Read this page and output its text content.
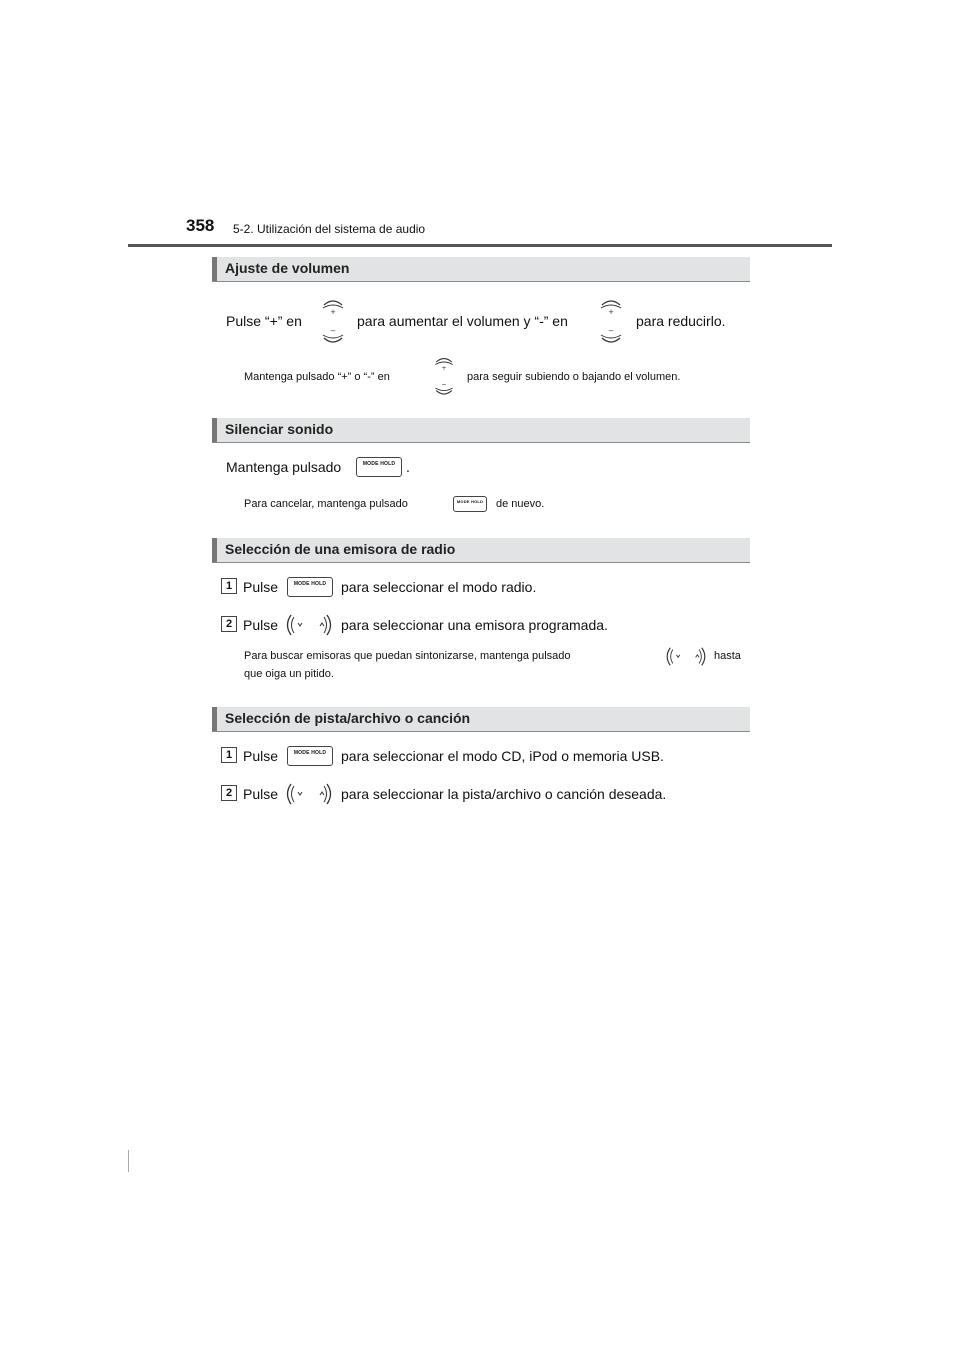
358 5-2. Utilización del sistema de audio
Ajuste de volumen
Pulse “+” en
+
−
para aumentar el volumen y “-” en
+
−
para reducirlo.
Mantenga pulsado “+” o “-” en
+
−
para seguir subiendo o bajando el volumen.
Silenciar sonido
Mantenga pulsado	MODE HOLD .
Para cancelar, mantenga pulsado	MODE HOLD de nuevo.
Selección de una emisora de radio
1 Pulse	MODE HOLD	para seleccionar el modo radio.
2 Pulse	para seleccionar una emisora programada.
Para buscar emisoras que puedan sintonizarse, mantenga pulsado	hasta
que oiga un pitido.
Selección de pista/archivo o canción
1 Pulse	MODE HOLD	para seleccionar el modo CD, iPod o memoria USB.
2 Pulse	para seleccionar la pista/archivo o canción deseada.
